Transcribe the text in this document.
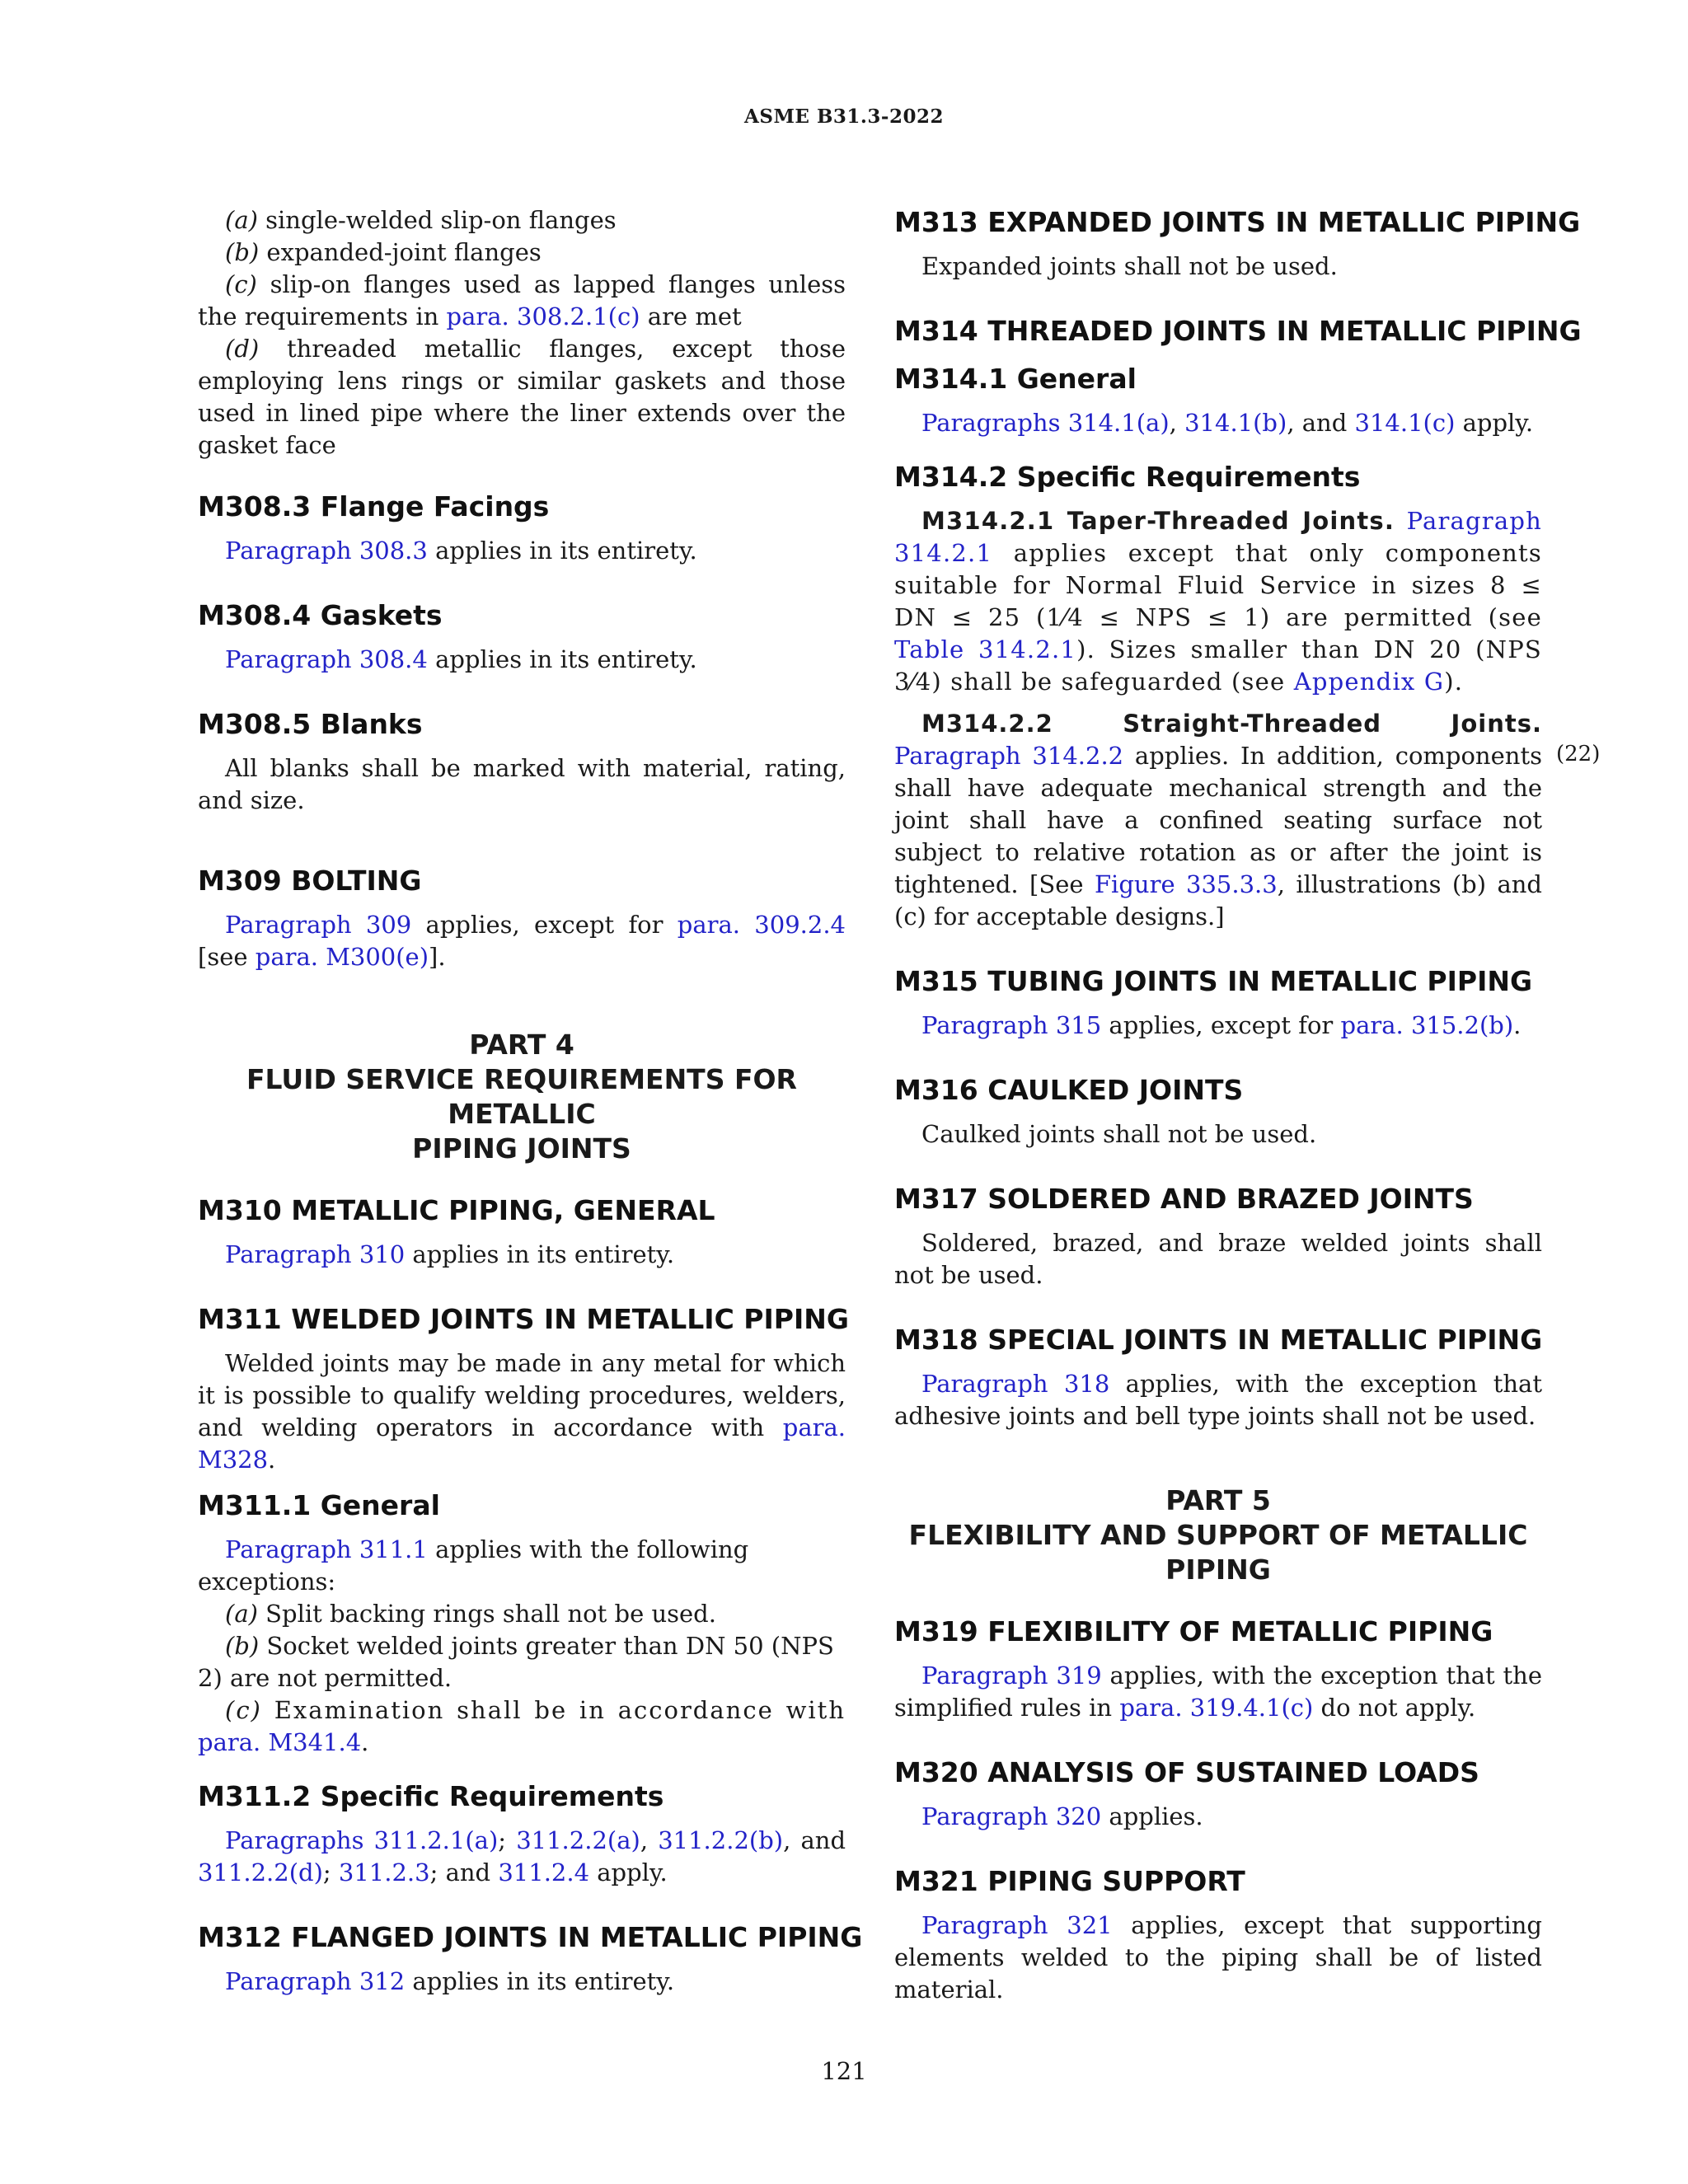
ASME B31.3-2022

(a) single-welded slip-on flanges

(b) expanded-joint flanges

(c) slip-on flanges used as lapped flanges unless the requirements in para. 308.2.1(c) are met

(d) threaded metallic flanges, except those employing lens rings or similar gaskets and those used in lined pipe where the liner extends over the gasket face

M308.3 Flange Facings

Paragraph 308.3 applies in its entirety.

M308.4 Gaskets

Paragraph 308.4 applies in its entirety.

M308.5 Blanks

All blanks shall be marked with material, rating, and size.

M309 BOLTING

Paragraph 309 applies, except for para. 309.2.4 [see para. M300(e)].

PART 4

FLUID SERVICE REQUIREMENTS FOR METALLIC

PIPING JOINTS

M310 METALLIC PIPING, GENERAL

Paragraph 310 applies in its entirety.

M311 WELDED JOINTS IN METALLIC PIPING

Welded joints may be made in any metal for which it is possible to qualify welding procedures, welders, and welding operators in accordance with para. M328.

M311.1 General

Paragraph 311.1 applies with the following exceptions:

(a) Split backing rings shall not be used.

(b) Socket welded joints greater than DN 50 (NPS 2) are not permitted.

(c) Examination shall be in accordance with para. M341.4.

M311.2 Specific Requirements

Paragraphs 311.2.1(a); 311.2.2(a), 311.2.2(b), and 311.2.2(d); 311.2.3; and 311.2.4 apply.

M312 FLANGED JOINTS IN METALLIC PIPING

Paragraph 312 applies in its entirety.

M313 EXPANDED JOINTS IN METALLIC PIPING

Expanded joints shall not be used.

M314 THREADED JOINTS IN METALLIC PIPING
M314.1 General

Paragraphs 314.1(a), 314.1(b), and 314.1(c) apply.

M314.2 Specific Requirements

M314.2.1 Taper-Threaded Joints. Paragraph 314.2.1 applies except that only components suitable for Normal Fluid Service in sizes 8 ≤ DN ≤ 25 (1⁄4 ≤ NPS ≤ 1) are permitted (see Table 314.2.1). Sizes smaller than DN 20 (NPS 3⁄4) shall be safeguarded (see Appendix G).

M314.2.2 Straight-Threaded Joints. Paragraph 314.2.2 applies. In addition, components shall have adequate mechanical strength and the joint shall have a confined seating surface not subject to relative rotation as or after the joint is tightened. [See Figure 335.3.3, illustrations (b) and (c) for acceptable designs.]

M315 TUBING JOINTS IN METALLIC PIPING

Paragraph 315 applies, except for para. 315.2(b).

M316 CAULKED JOINTS

Caulked joints shall not be used.

M317 SOLDERED AND BRAZED JOINTS

Soldered, brazed, and braze welded joints shall not be used.

M318 SPECIAL JOINTS IN METALLIC PIPING

Paragraph 318 applies, with the exception that adhesive joints and bell type joints shall not be used.

PART 5

FLEXIBILITY AND SUPPORT OF METALLIC PIPING

M319 FLEXIBILITY OF METALLIC PIPING

Paragraph 319 applies, with the exception that the simplified rules in para. 319.4.1(c) do not apply.

M320 ANALYSIS OF SUSTAINED LOADS

Paragraph 320 applies.

M321 PIPING SUPPORT

Paragraph 321 applies, except that supporting elements welded to the piping shall be of listed material.

(22)
121
